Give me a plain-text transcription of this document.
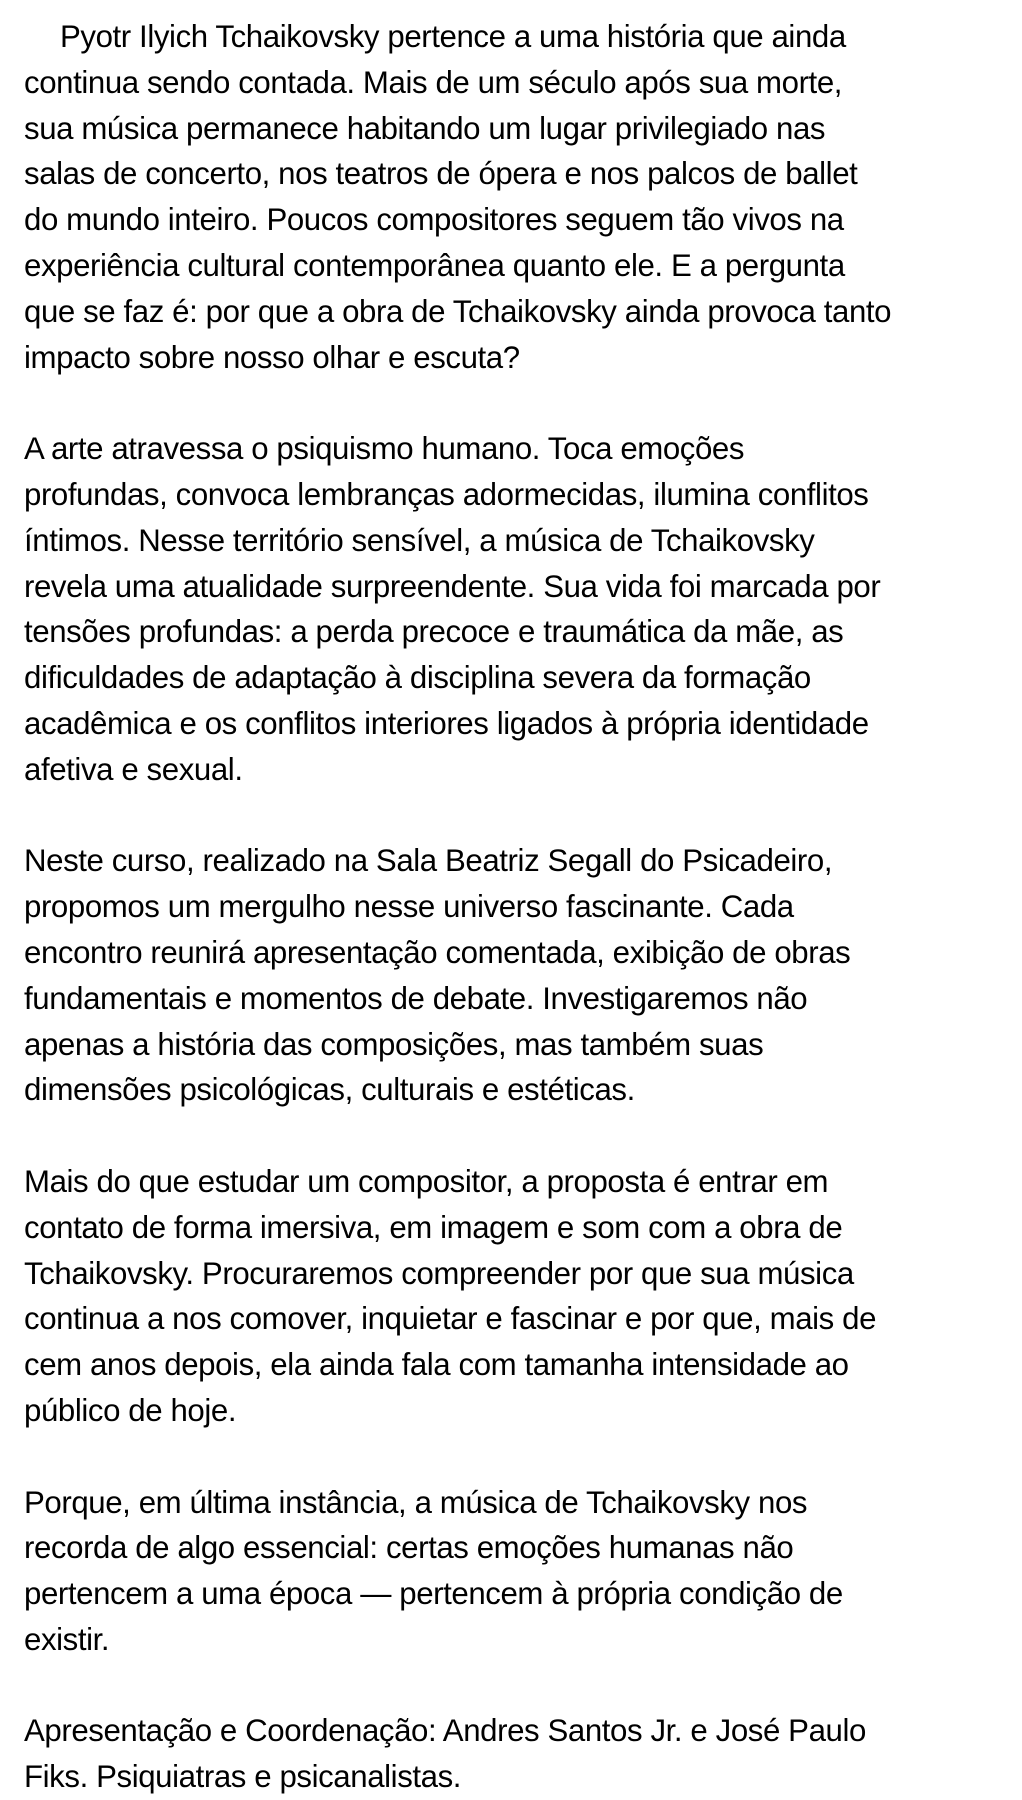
Pyotr Ilyich Tchaikovsky pertence a uma história que ainda
continua sendo contada. Mais de um século após sua morte,
sua música permanece habitando um lugar privilegiado nas
salas de concerto, nos teatros de ópera e nos palcos de ballet
do mundo inteiro. Poucos compositores seguem tão vivos na
experiência cultural contemporânea quanto ele. E a pergunta
que se faz é: por que a obra de Tchaikovsky ainda provoca tanto
impacto sobre nosso olhar e escuta?

A arte atravessa o psiquismo humano. Toca emoções
profundas, convoca lembranças adormecidas, ilumina conflitos
íntimos. Nesse território sensível, a música de Tchaikovsky
revela uma atualidade surpreendente. Sua vida foi marcada por
tensões profundas: a perda precoce e traumática da mãe, as
dificuldades de adaptação à disciplina severa da formação
acadêmica e os conflitos interiores ligados à própria identidade
afetiva e sexual.

Neste curso, realizado na Sala Beatriz Segall do Psicadeiro,
propomos um mergulho nesse universo fascinante. Cada
encontro reunirá apresentação comentada, exibição de obras
fundamentais e momentos de debate. Investigaremos não
apenas a história das composições, mas também suas
dimensões psicológicas, culturais e estéticas.

Mais do que estudar um compositor, a proposta é entrar em
contato de forma imersiva, em imagem e som com a obra de
Tchaikovsky. Procuraremos compreender por que sua música
continua a nos comover, inquietar e fascinar e por que, mais de
cem anos depois, ela ainda fala com tamanha intensidade ao
público de hoje.

Porque, em última instância, a música de Tchaikovsky nos
recorda de algo essencial: certas emoções humanas não
pertencem a uma época — pertencem à própria condição de
existir.

Apresentação e Coordenação: Andres Santos Jr. e José Paulo
Fiks. Psiquiatras e psicanalistas.
